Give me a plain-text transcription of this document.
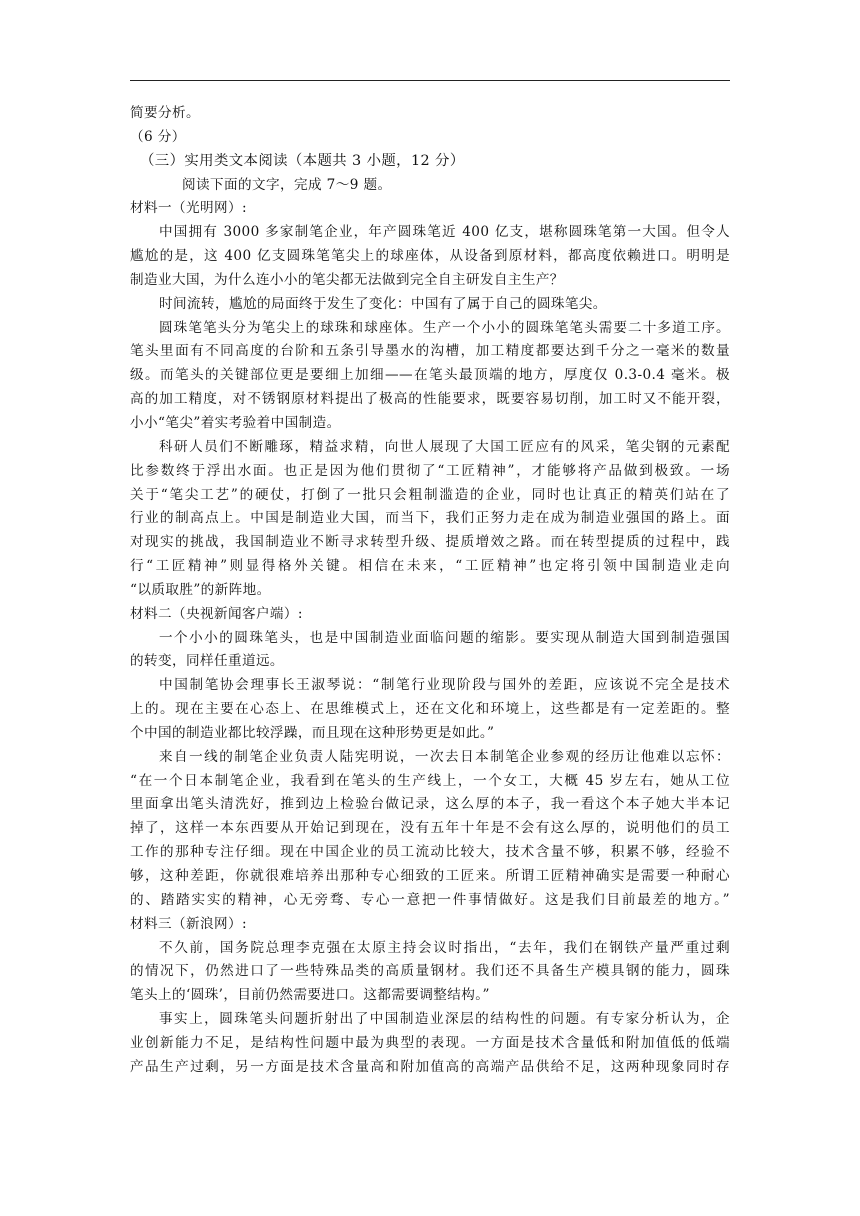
简要分析。
（6 分）
（三）实用类文本阅读（本题共 3 小题，12 分）
阅读下面的文字，完成 7～9 题。
材料一（光明网）:
中国拥有 3000 多家制笔企业，年产圆珠笔近 400 亿支，堪称圆珠笔第一大国。但令人
尴尬的是，这 400 亿支圆珠笔笔尖上的球座体，从设备到原材料，都高度依赖进口。明明是
制造业大国，为什么连小小的笔尖都无法做到完全自主研发自主生产？
时间流转，尴尬的局面终于发生了变化：中国有了属于自己的圆珠笔尖。
圆珠笔笔头分为笔尖上的球珠和球座体。生产一个小小的圆珠笔笔头需要二十多道工序。
笔头里面有不同高度的台阶和五条引导墨水的沟槽，加工精度都要达到千分之一毫米的数量
级。而笔头的关键部位更是要细上加细——在笔头最顶端的地方，厚度仅 0.3-0.4 毫米。极
高的加工精度，对不锈钢原材料提出了极高的性能要求，既要容易切削，加工时又不能开裂，
小小“笔尖”着实考验着中国制造。
科研人员们不断雕琢，精益求精，向世人展现了大国工匠应有的风采，笔尖钢的元素配
比参数终于浮出水面。也正是因为他们贯彻了“工匠精神”，才能够将产品做到极致。一场
关于“笔尖工艺”的硬仗，打倒了一批只会粗制滥造的企业，同时也让真正的精英们站在了
行业的制高点上。中国是制造业大国，而当下，我们正努力走在成为制造业强国的路上。面
对现实的挑战，我国制造业不断寻求转型升级、提质增效之路。而在转型提质的过程中，践
行“工匠精神”则显得格外关键。相信在未来，“工匠精神”也定将引领中国制造业走向
“以质取胜”的新阵地。
材料二（央视新闻客户端）:
一个小小的圆珠笔头，也是中国制造业面临问题的缩影。要实现从制造大国到制造强国
的转变，同样任重道远。
中国制笔协会理事长王淑琴说：“制笔行业现阶段与国外的差距，应该说不完全是技术
上的。现在主要在心态上、在思维模式上，还在文化和环境上，这些都是有一定差距的。整
个中国的制造业都比较浮躁，而且现在这种形势更是如此。”
来自一线的制笔企业负责人陆宪明说，一次去日本制笔企业参观的经历让他难以忘怀：
“在一个日本制笔企业，我看到在笔头的生产线上，一个女工，大概 45 岁左右，她从工位
里面拿出笔头清洗好，推到边上检验台做记录，这么厚的本子，我一看这个本子她大半本记
掉了，这样一本东西要从开始记到现在，没有五年十年是不会有这么厚的，说明他们的员工
工作的那种专注仔细。现在中国企业的员工流动比较大，技术含量不够，积累不够，经验不
够，这种差距，你就很难培养出那种专心细致的工匠来。所谓工匠精神确实是需要一种耐心
的、踏踏实实的精神，心无旁骛、专心一意把一件事情做好。这是我们目前最差的地方。”
材料三（新浪网）:
不久前，国务院总理李克强在太原主持会议时指出，“去年，我们在钢铁产量严重过剩
的情况下，仍然进口了一些特殊品类的高质量钢材。我们还不具备生产模具钢的能力，圆珠
笔头上的‘圆珠’，目前仍然需要进口。这都需要调整结构。”
事实上，圆珠笔头问题折射出了中国制造业深层的结构性的问题。有专家分析认为，企
业创新能力不足，是结构性问题中最为典型的表现。一方面是技术含量低和附加值低的低端
产品生产过剩，另一方面是技术含量高和附加值高的高端产品供给不足，这两种现象同时存
